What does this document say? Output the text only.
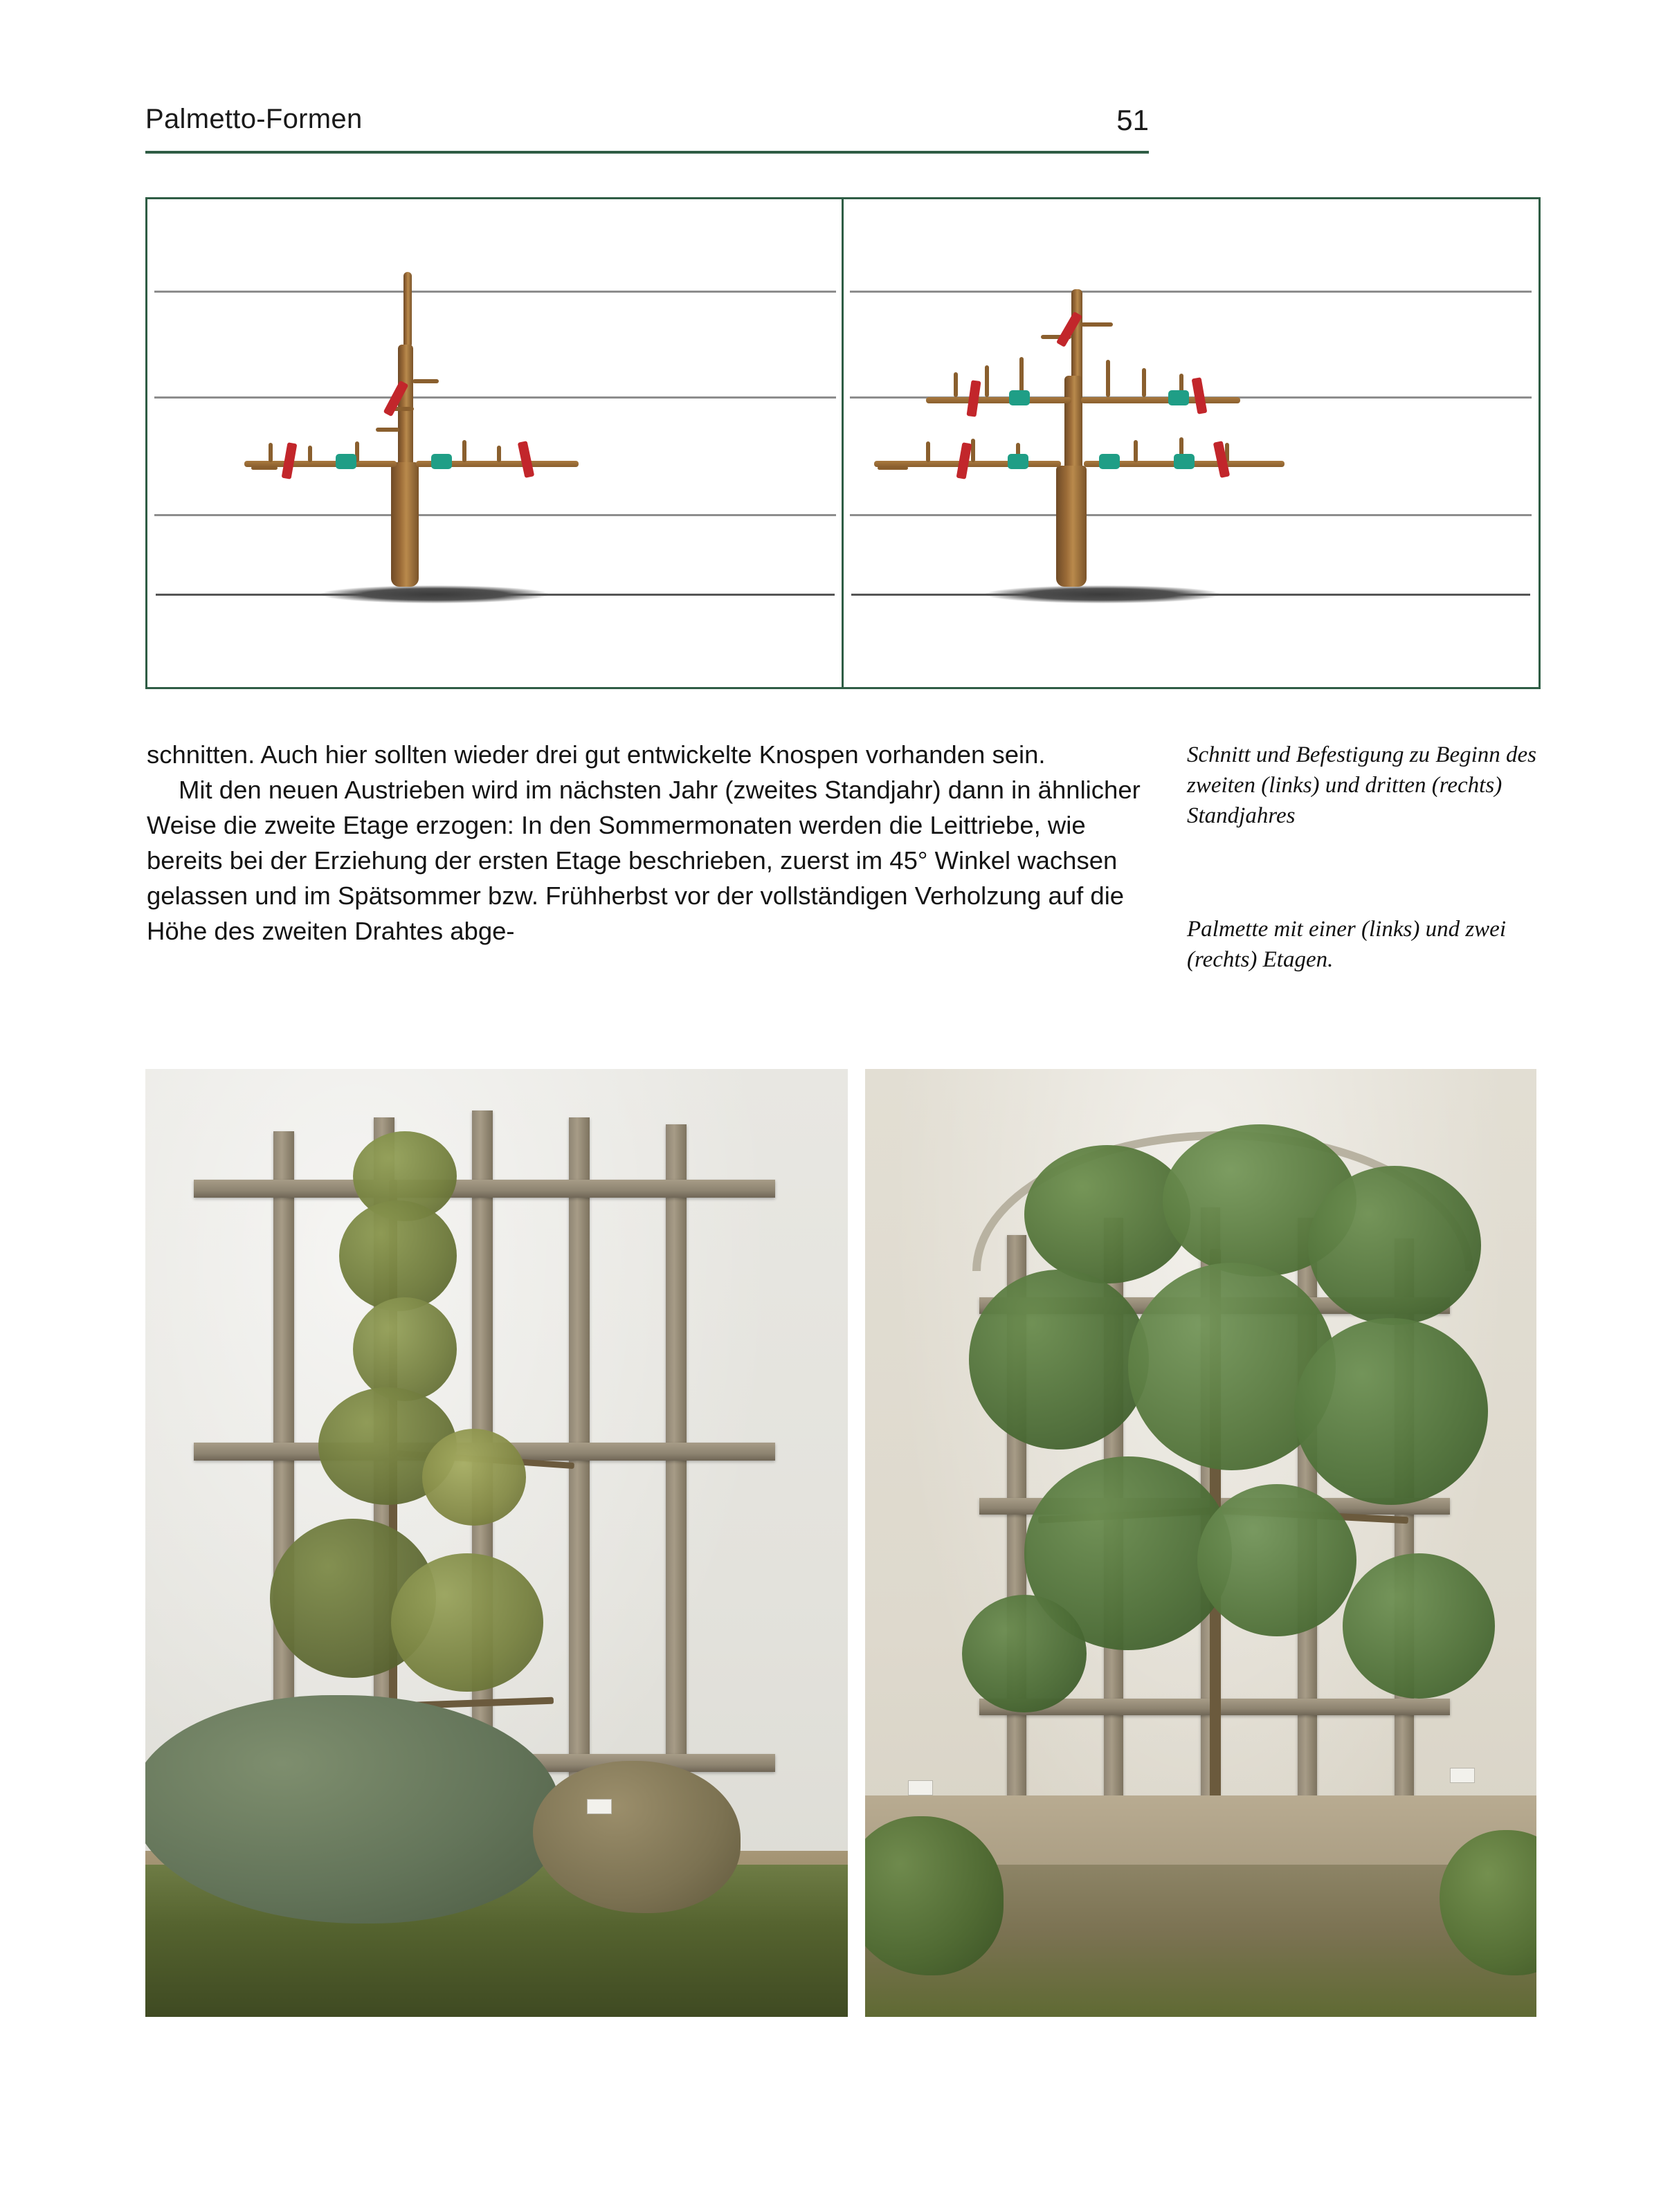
Palmetto-Formen	51

schnitten. Auch hier sollten wieder drei gut entwickelte Knospen vorhanden sein.

Mit den neuen Austrieben wird im nächsten Jahr (zweites Standjahr) dann in ähnlicher Weise die zweite Etage erzogen: In den Sommermonaten werden die Leittriebe, wie bereits bei der Erziehung der ersten Etage beschrieben, zuerst im 45° Winkel wachsen gelassen und im Spätsommer bzw. Frühherbst vor der vollständigen Verholzung auf die Höhe des zweiten Drahtes abge-

Schnitt und Befestigung zu Beginn des zweiten (links) und dritten (rechts) Standjahres
Palmette mit einer (links) und zwei (rechts) Etagen.
